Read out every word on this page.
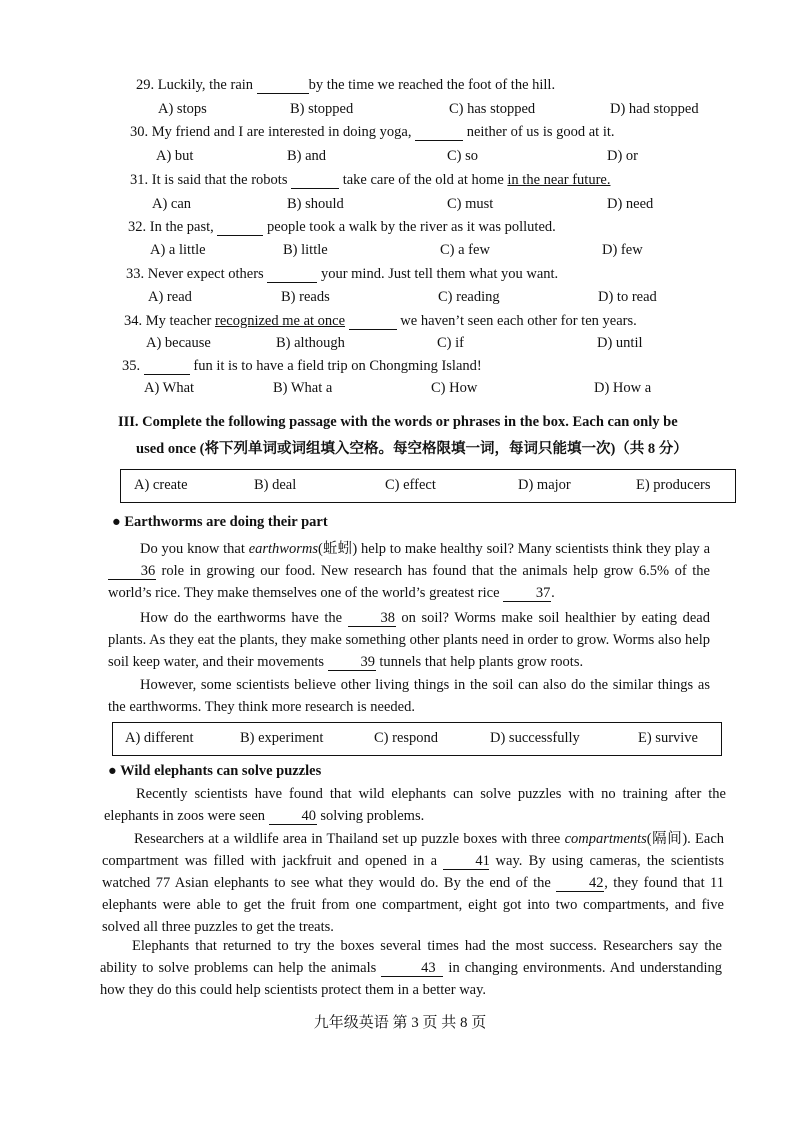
29. Luckily, the rain	by the time we reached the foot of the hill.
A) stops	B) stopped	C) has stopped	D) had stopped
30. My friend and I are interested in doing yoga,	neither of us is good at it.
A) but	B) and	C) so	D) or
31. It is said that the robots	take care of the old at home in the near future.
A) can	B) should	C) must	D) need
32. In the past,	people took a walk by the river as it was polluted.
A) a little	B) little	C) a few	D) few
33. Never expect others	your mind. Just tell them what you want.
A) read	B) reads	C) reading	D) to read
34. My teacher recognized me at once	we haven’t seen each other for ten years.
A) because	B) although	C) if	D) until
35.	fun it is to have a field trip on Chongming Island!
A) What	B) What a	C) How	D) How a
III. Complete the following passage with the words or phrases in the box. Each can only be
used once (将下列单词或词组填入空格。每空格限填一词，每词只能填一次)（共 8 分）
A) create	B) deal	C) effect	D) major	E) producers
● Earthworms are doing their part
Do you know that earthworms(蚯蚓) help to make healthy soil? Many scientists think they play a 36 role in growing our food. New research has found that the animals help grow 6.5% of the world’s rice. They make themselves one of the world’s greatest rice 37.
How do the earthworms have the 38 on soil? Worms make soil healthier by eating dead plants. As they eat the plants, they make something other plants need in order to grow. Worms also help soil keep water, and their movements 39 tunnels that help plants grow roots.
However, some scientists believe other living things in the soil can also do the similar things as the earthworms. They think more research is needed.
A) different	B) experiment	C) respond	D) successfully	E) survive
● Wild elephants can solve puzzles
Recently scientists have found that wild elephants can solve puzzles with no training after the elephants in zoos were seen 40 solving problems.
Researchers at a wildlife area in Thailand set up puzzle boxes with three compartments(隔间). Each compartment was filled with jackfruit and opened in a 41 way. By using cameras, the scientists watched 77 Asian elephants to see what they would do. By the end of the 42, they found that 11 elephants were able to get the fruit from one compartment, eight got into two compartments, and five solved all three puzzles to get the treats.
Elephants that returned to try the boxes several times had the most success. Researchers say the ability to solve problems can help the animals	43 in changing environments. And understanding how they do this could help scientists protect them in a better way.
九年级英语 第 3 页 共 8 页
